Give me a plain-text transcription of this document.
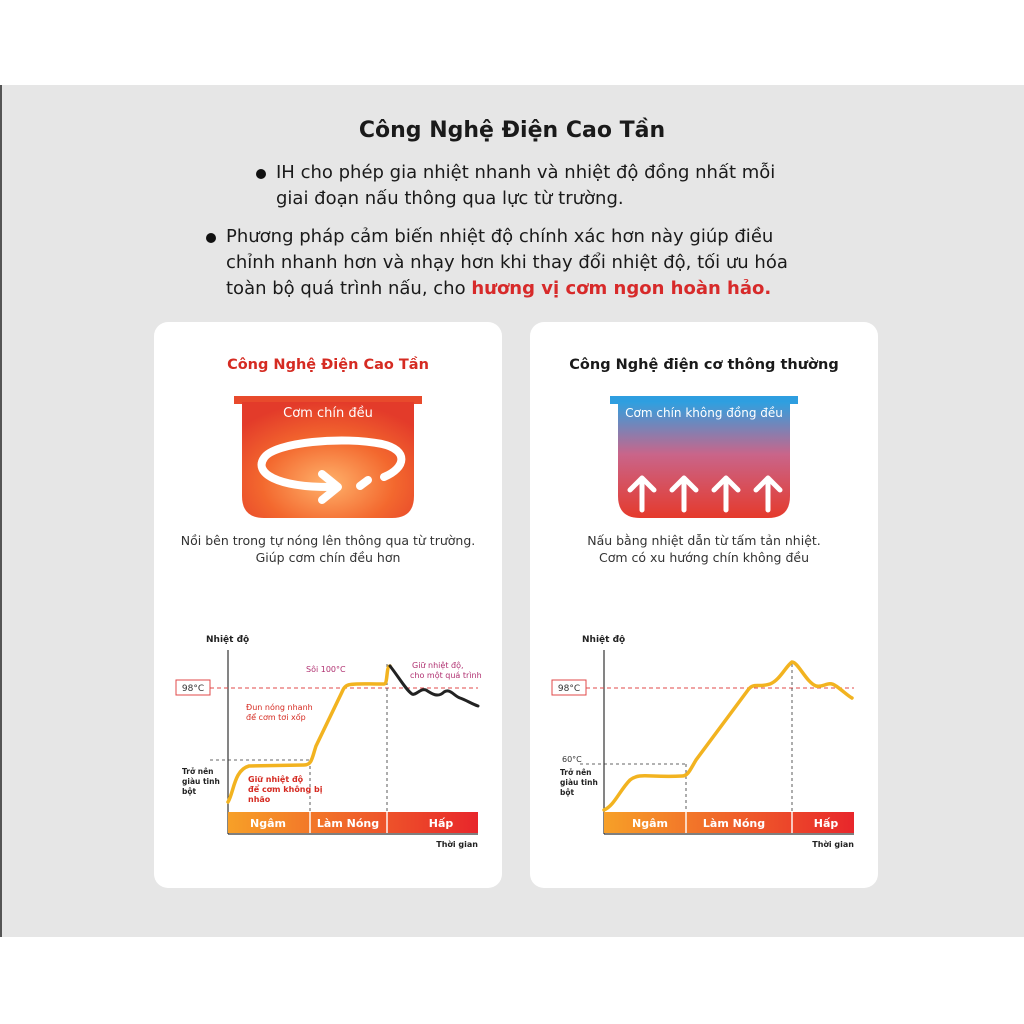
Công Nghệ Điện Cao Tần
IH cho phép gia nhiệt nhanh và nhiệt độ đồng nhất mỗi giai đoạn nấu thông qua lực từ trường.
Phương pháp cảm biến nhiệt độ chính xác hơn này giúp điều chỉnh nhanh hơn và nhạy hơn khi thay đổi nhiệt độ, tối ưu hóa toàn bộ quá trình nấu, cho hương vị cơm ngon hoàn hảo.
Công Nghệ Điện Cao Tần
Cơm chín đều
Nồi bên trong tự nóng lên thông qua từ trường.
Giúp cơm chín đều hơn
Nhiệt độ
Ngâm	Làm Nóng	Hấp
Thời gian
98°C
Trở nên
giàu tinh
bột
Giữ nhiệt độ
để cơm không bị
nhão
Đun nóng nhanh
để cơm tơi xốp
Sôi 100°C	Giữ nhiệt độ,
cho một quá trình
Công Nghệ điện cơ thông thường
Cơm chín không đồng đều
Nấu bằng nhiệt dẫn từ tấm tản nhiệt.
Cơm có xu hướng chín không đều
Nhiệt độ
Ngâm	Làm Nóng	Hấp
Thời gian
98°C
60°C
Trở nên
giàu tinh
bột
